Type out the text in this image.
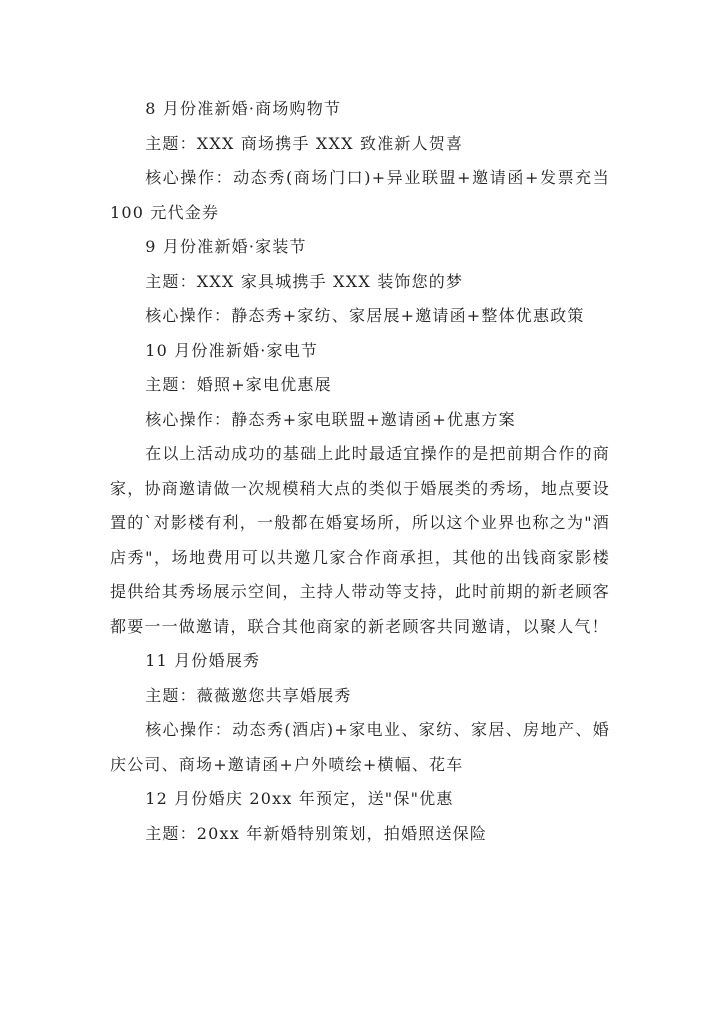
8 月份准新婚·商场购物节

主题：XXX 商场携手 XXX 致准新人贺喜

核心操作：动态秀(商场门口)+异业联盟+邀请函+发票充当 100 元代金券

9 月份准新婚·家装节

主题：XXX 家具城携手 XXX 装饰您的梦

核心操作：静态秀+家纺、家居展+邀请函+整体优惠政策

10 月份准新婚·家电节

主题：婚照+家电优惠展

核心操作：静态秀+家电联盟+邀请函+优惠方案

在以上活动成功的基础上此时最适宜操作的是把前期合作的商家，协商邀请做一次规模稍大点的类似于婚展类的秀场，地点要设置的`对影楼有利，一般都在婚宴场所，所以这个业界也称之为"酒店秀"，场地费用可以共邀几家合作商承担，其他的出钱商家影楼提供给其秀场展示空间，主持人带动等支持，此时前期的新老顾客都要一一做邀请，联合其他商家的新老顾客共同邀请，以聚人气！

11 月份婚展秀

主题：薇薇邀您共享婚展秀

核心操作：动态秀(酒店)+家电业、家纺、家居、房地产、婚庆公司、商场+邀请函+户外喷绘+横幅、花车

12 月份婚庆 20xx 年预定，送"保"优惠

主题：20xx 年新婚特别策划，拍婚照送保险
